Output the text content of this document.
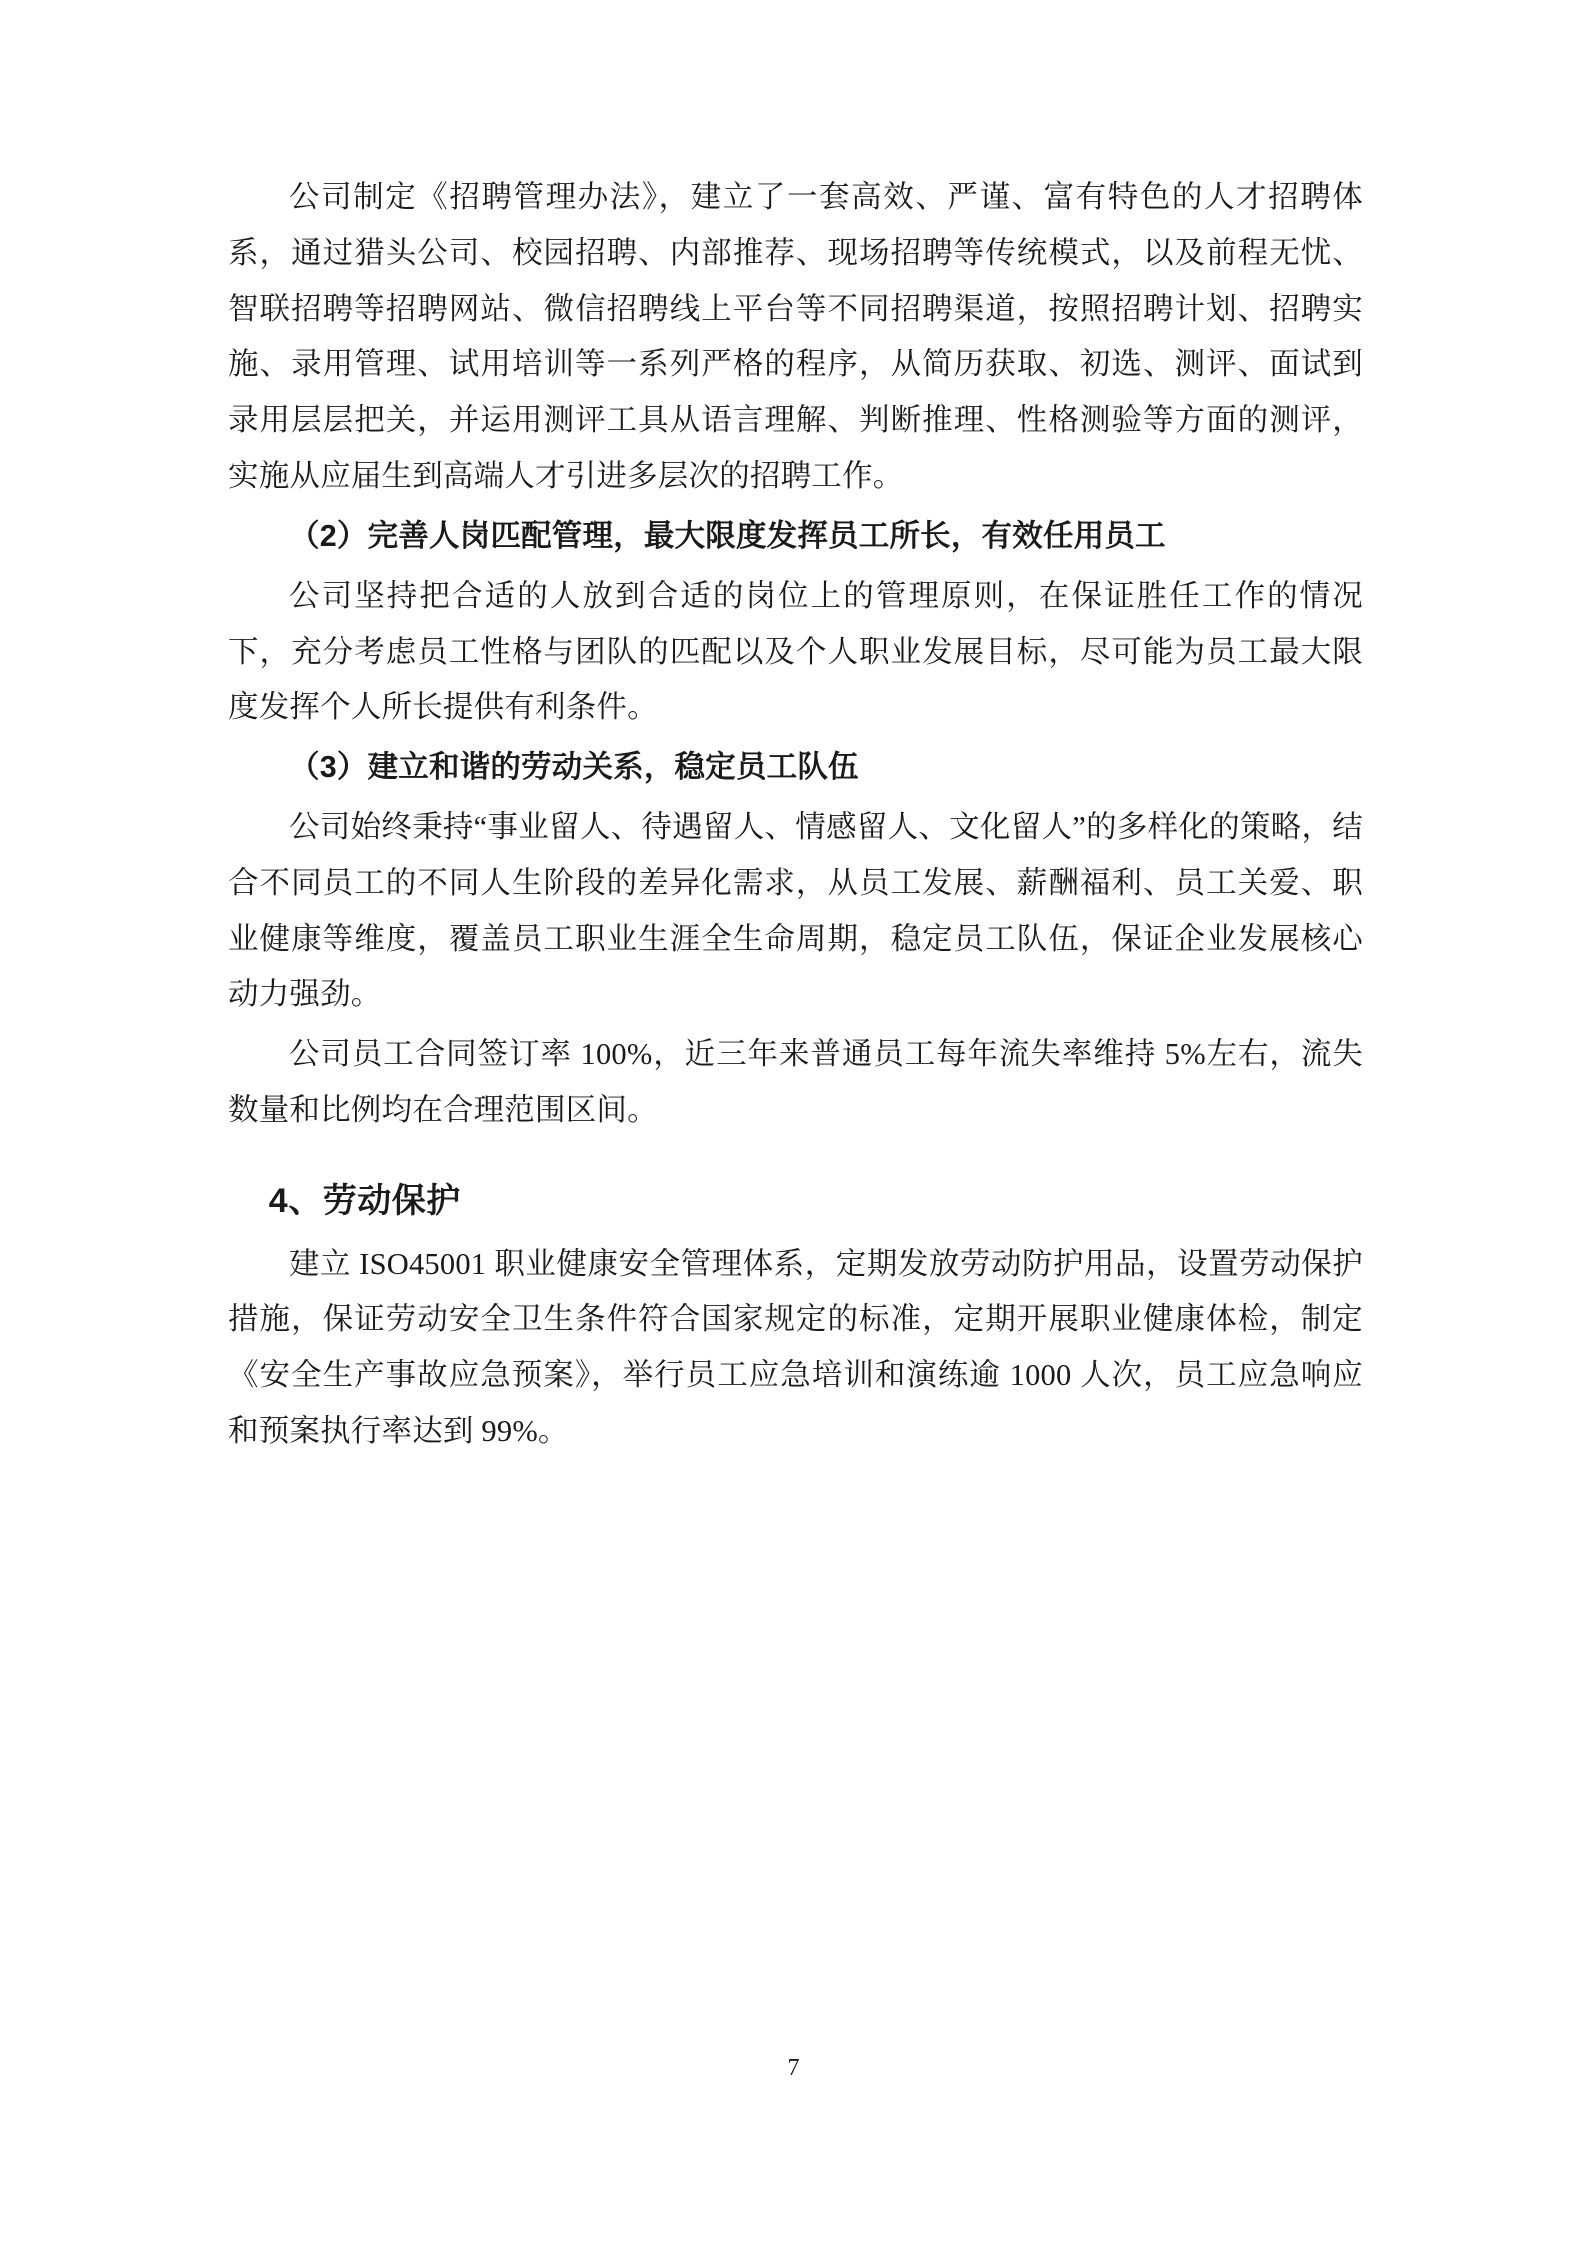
公司制定《招聘管理办法》，建立了一套高效、严谨、富有特色的人才招聘体系，通过猎头公司、校园招聘、内部推荐、现场招聘等传统模式，以及前程无忧、智联招聘等招聘网站、微信招聘线上平台等不同招聘渠道，按照招聘计划、招聘实施、录用管理、试用培训等一系列严格的程序，从简历获取、初选、测评、面试到录用层层把关，并运用测评工具从语言理解、判断推理、性格测验等方面的测评，实施从应届生到高端人才引进多层次的招聘工作。

（2）完善人岗匹配管理，最大限度发挥员工所长，有效任用员工

公司坚持把合适的人放到合适的岗位上的管理原则，在保证胜任工作的情况下，充分考虑员工性格与团队的匹配以及个人职业发展目标，尽可能为员工最大限度发挥个人所长提供有利条件。

（3）建立和谐的劳动关系，稳定员工队伍

公司始终秉持“事业留人、待遇留人、情感留人、文化留人”的多样化的策略，结合不同员工的不同人生阶段的差异化需求，从员工发展、薪酬福利、员工关爱、职业健康等维度，覆盖员工职业生涯全生命周期，稳定员工队伍，保证企业发展核心动力强劲。

公司员工合同签订率 100%，近三年来普通员工每年流失率维持 5%左右，流失数量和比例均在合理范围区间。

4、劳动保护

建立 ISO45001 职业健康安全管理体系，定期发放劳动防护用品，设置劳动保护措施，保证劳动安全卫生条件符合国家规定的标准，定期开展职业健康体检，制定《安全生产事故应急预案》，举行员工应急培训和演练逾 1000 人次，员工应急响应和预案执行率达到 99%。

7
